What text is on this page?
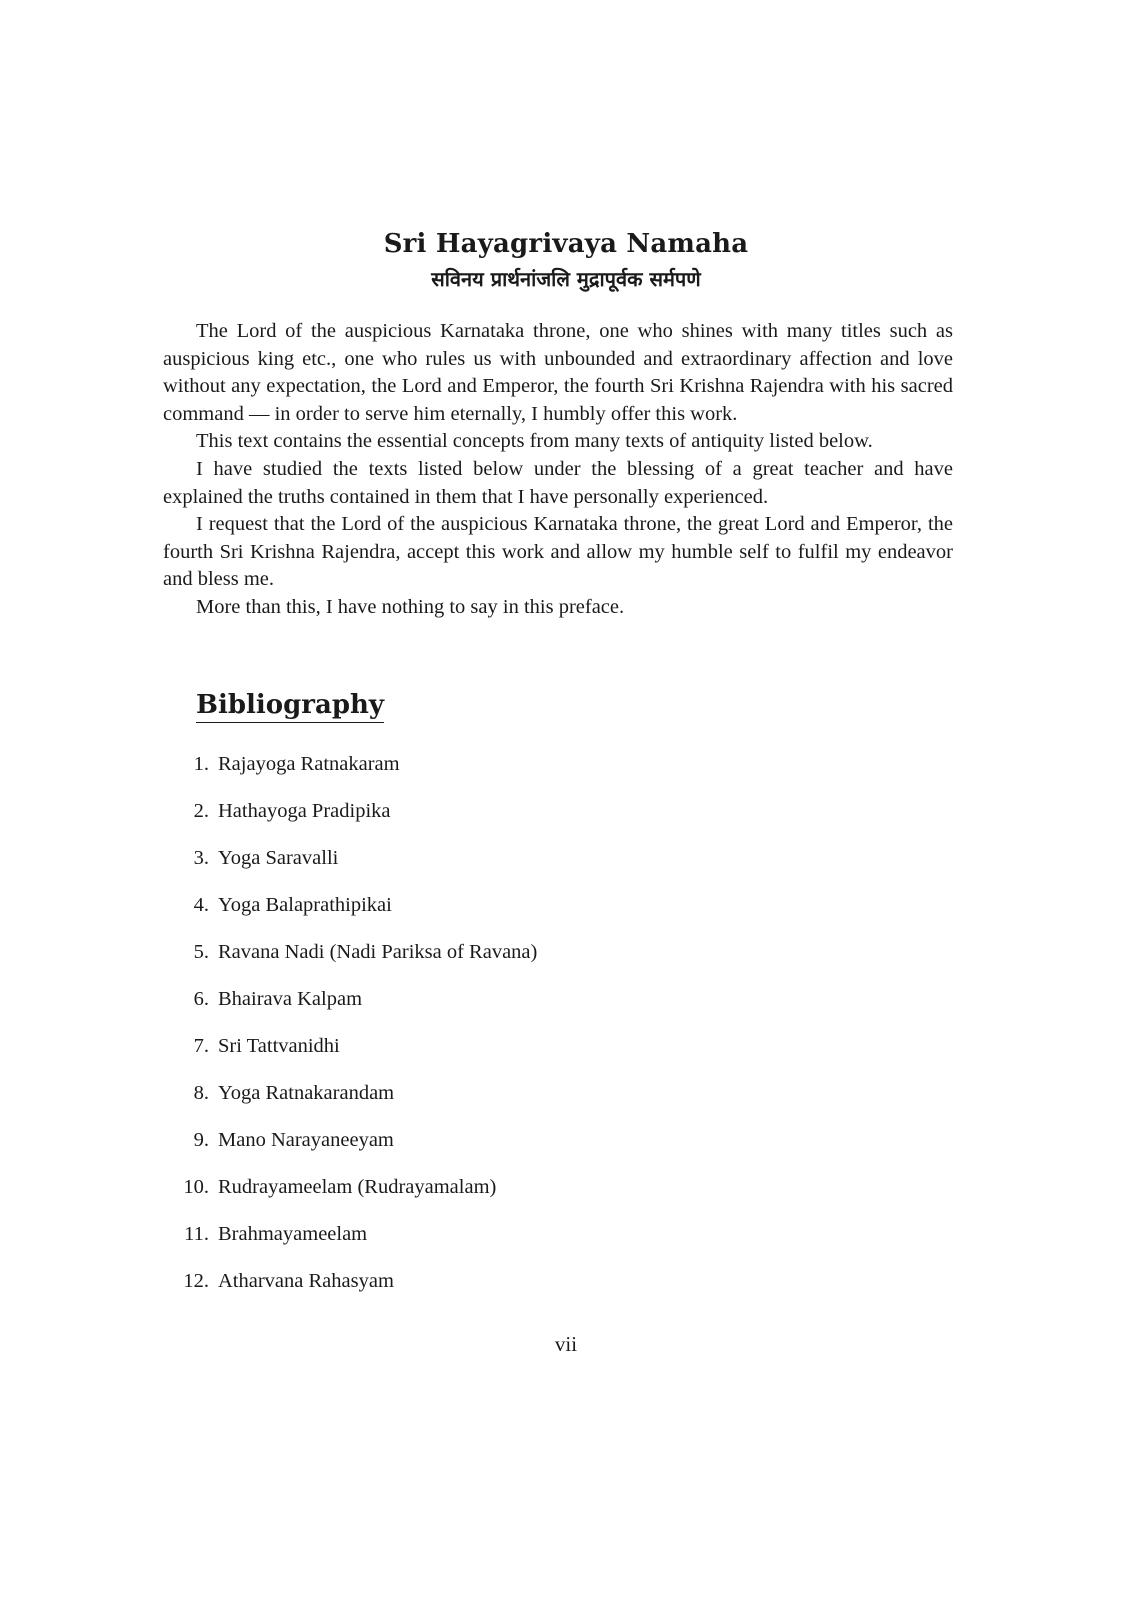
Sri Hayagrivaya Namaha
सविनय प्रार्थनांजलि मुद्रापूर्वक सर्मपणे

The Lord of the auspicious Karnataka throne, one who shines with many titles such as auspicious king etc., one who rules us with unbounded and extraordinary affection and love without any expectation, the Lord and Emperor, the fourth Sri Krishna Rajendra with his sacred command — in order to serve him eternally, I humbly offer this work.

This text contains the essential concepts from many texts of antiquity listed below.

I have studied the texts listed below under the blessing of a great teacher and have explained the truths contained in them that I have personally experienced.

I request that the Lord of the auspicious Karnataka throne, the great Lord and Emperor, the fourth Sri Krishna Rajendra, accept this work and allow my humble self to fulfil my endeavor and bless me.

More than this, I have nothing to say in this preface.

Bibliography
1. Rajayoga Ratnakaram
2. Hathayoga Pradipika
3. Yoga Saravalli
4. Yoga Balaprathipikai
5. Ravana Nadi (Nadi Pariksa of Ravana)
6. Bhairava Kalpam
7. Sri Tattvanidhi
8. Yoga Ratnakarandam
9. Mano Narayaneeyam
10. Rudrayameelam (Rudrayamalam)
11. Brahmayameelam
12. Atharvana Rahasyam
vii
